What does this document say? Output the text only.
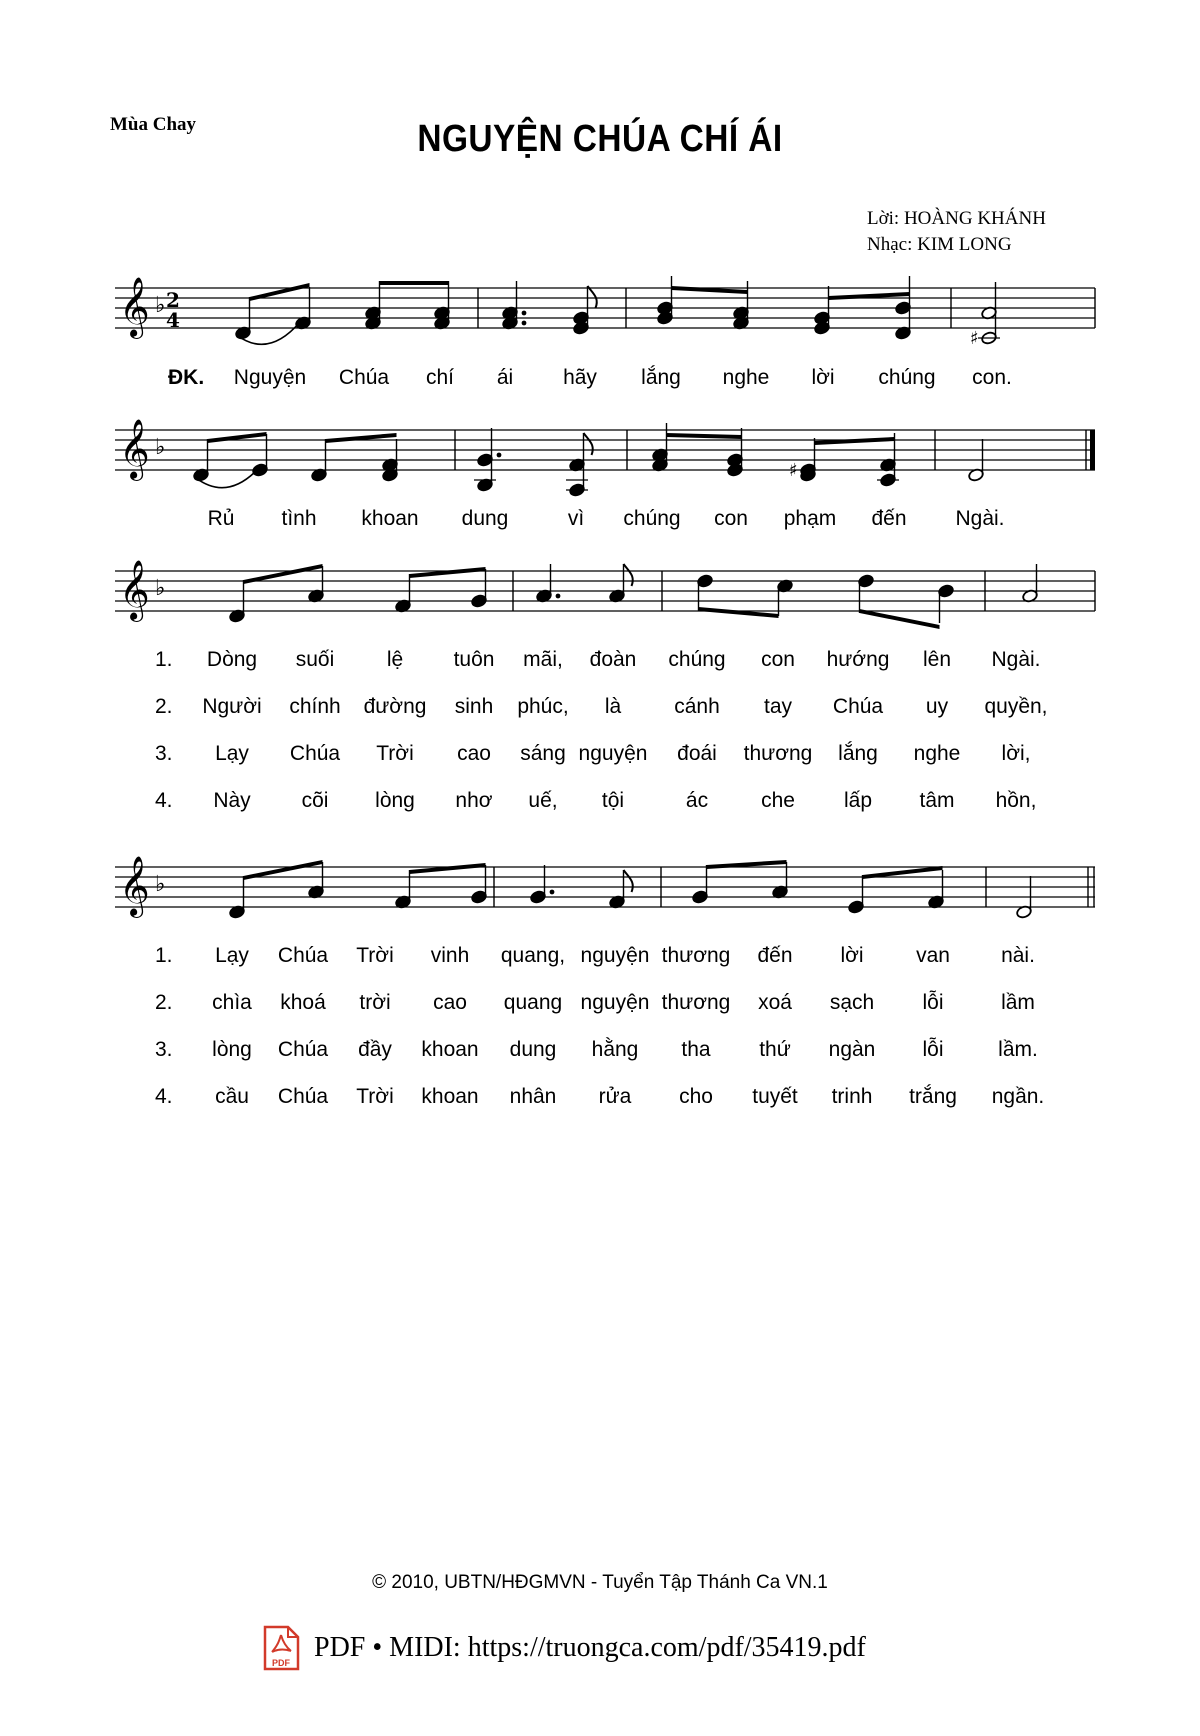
Mùa Chay	NGUYỆN CHÚA CHÍ ÁI
Lời: HOÀNG KHÁNH
Nhạc: KIM LONG
𝄞 ♭ 2
4
♯
𝄞 ♭
♯
𝄞 ♭
𝄞 ♭
ĐK. Nguyện Chúa chí ái hãy lắng nghe lời chúng con.
Rủ tình khoan dung	vì chúng con phạm đến Ngài.
1. Dòng suối	lệ tuôn mãi, đoàn chúng con hướng lên Ngài.
2. Người chính đường sinh phúc, là	cánh tay Chúa uy quyền,
3. Lạy Chúa Trời cao sáng nguyện đoái thương lắng nghe lời,
4. Này cõi lòng nhơ uế, tội	ác	che lấp tâm hồn,
1. Lạy Chúa Trời vinh quang, nguyện thương đến lời	van nài.
2. chìa khoá trời cao quang nguyện thương xoá sạch lỗi	lầm
3. lòng Chúa đầy khoan dung hằng tha thứ ngàn lỗi	lầm.
4. cầu Chúa Trời khoan nhân rửa cho tuyết trinh trắng ngần.
© 2010, UBTN/HĐGMVN - Tuyển Tập Thánh Ca VN.1
PDF PDF • MIDI: https://truongca.com/pdf/35419.pdf
